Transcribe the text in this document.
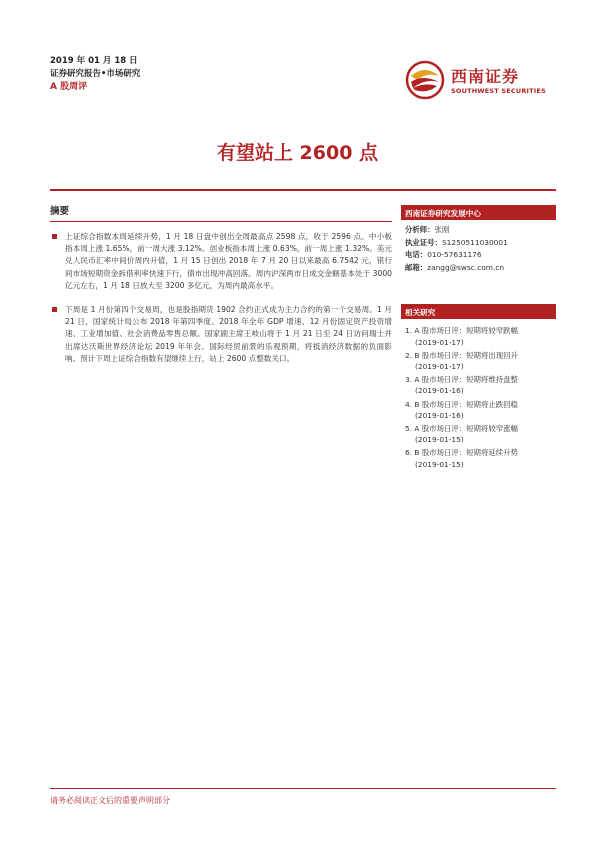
2019 年 01 月 18 日
证券研究报告•市场研究
A 股周评
西南证券
SOUTHWEST SECURITIES
有望站上 2600 点
摘要
上证综合指数本周延续升势，1 月 18 日盘中创出全周最高点 2598 点，收于 2596 点。中小板指本周上涨 1.65%，前一周大涨 3.12%。创业板指本周上涨 0.63%，前一周上涨 1.32%。美元兑人民币汇率中间价周内升值，1 月 15 日创出 2018 年 7 月 20 日以来最高 6.7542 元，银行间市场短期资金拆借利率快速下行，债市出现冲高回落。周内沪深两市日成交金额基本处于 3000 亿元左右，1 月 18 日放大至 3200 多亿元，为周内最高水平。
下周是 1 月份第四个交易周，也是股指期货 1902 合约正式成为主力合约的第一个交易周。1 月 21 日，国家统计局公布 2018 年第四季度、2018 年全年 GDP 增速、12 月份固定资产投资增速、工业增加值、社会消费品零售总额。国家副主席王岐山将于 1 月 21 日至 24 日访问瑞士并出席达沃斯世界经济论坛 2019 年年会。国际经贸前景的乐观预期，将抵消经济数据的负面影响。预计下周上证综合指数有望继续上行，站上 2600 点整数关口。
西南证券研究发展中心
分析师：张刚
执业证号：S1250511030001
电话：010-57631176
邮箱：zangg@swsc.com.cn
相关研究
1. A 股市场日评：短期将较窄跌幅
(2019-01-17)
2. B 股市场日评：短期将出现回升
(2019-01-17)
3. A 股市场日评：短期将维持盘整
(2019-01-16)
4. B 股市场日评：短期将止跌回稳
(2019-01-16)
5. A 股市场日评：短期将较窄涨幅
(2019-01-15)
6. B 股市场日评：短期将延续升势
(2019-01-15)
请务必阅读正文后的重要声明部分
